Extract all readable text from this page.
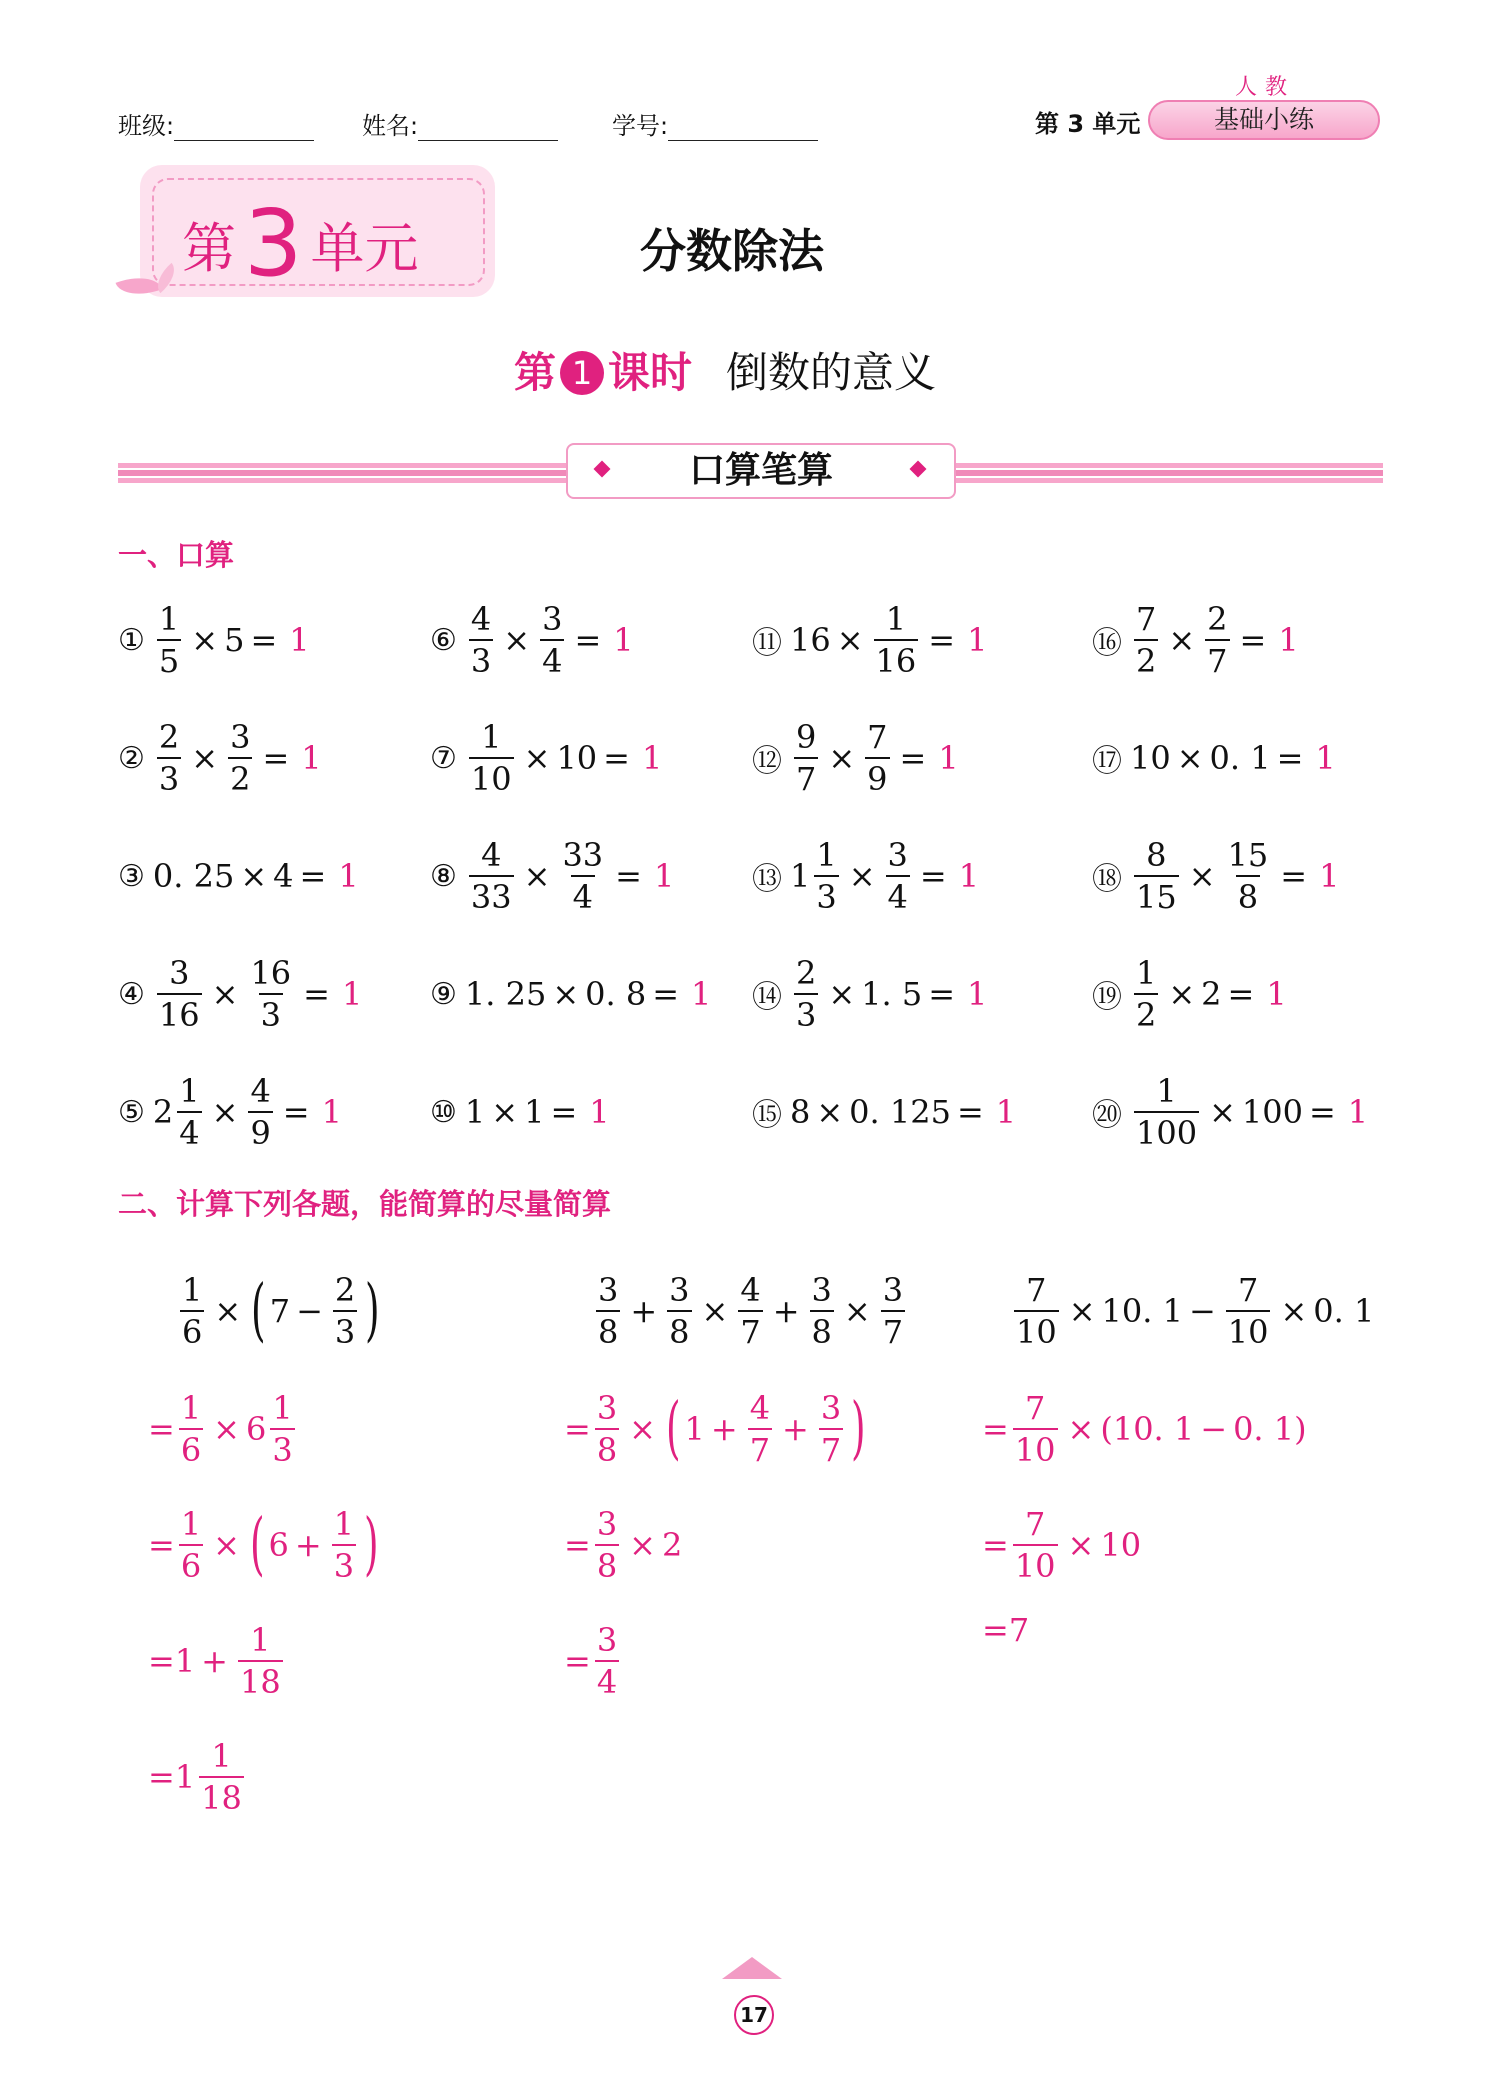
班级:	姓名:	学号:	第 3 单元
人教
基础小练
第3 单元	分数除法
第 1 课时 倒数的意义
口算笔算
一、口算
① $\frac{1}{5} \times 5 = 1$
② $\frac{2}{3} \times \frac{3}{2} = 1$
③ 0. 25 × 4 = 1
④ $\frac{3}{16} \times \frac{16}{3} = 1$
⑤ $2 \frac{1}{4} \times \frac{4}{9} = 1$
⑥ $\frac{4}{3} \times \frac{3}{4} = 1$
⑦ $\frac{1}{10} \times 10 = 1$
⑧ $\frac{4}{33} \times \frac{33}{4} = 1$
⑨ 1. 25 × 0. 8 = 1
⑩ 1 × 1 = 1
⑪ $16 \times \frac{1}{16} = 1$
⑫ $\frac{9}{7} \times \frac{7}{9} = 1$
⑬ $1 \frac{1}{3} \times \frac{3}{4} = 1$
⑭ $\frac{2}{3} \times 1$. 5 = 1
⑮ 8 × 0. 125 = 1
⑯ $\frac{7}{2} \times \frac{2}{7} = 1$
⑰ 10 × 0. 1 = 1
⑱ $\frac{8}{15} \times \frac{15}{8} = 1$
⑲ $\frac{1}{2} \times 2 = 1$
⑳ $\frac{1}{100} \times 100 = 1$
二、计算下列各题，能简算的尽量简算
$\frac{1}{6}$ × ( $7 - \frac{2}{3}$ )
= $\frac{1}{6} \times 6 \frac{1}{3}$
= $\frac{1}{6}$ × ( $6 + \frac{1}{3}$ )
$=1 + \frac{1}{18}$
$=1 \frac{1}{18}$
$\frac{3}{8} + \frac{3}{8} \times \frac{4}{7} + \frac{3}{8} \times \frac{3}{7}$
= $\frac{3}{8}$ × ( $1 + \frac{4}{7} + \frac{3}{7}$ )
= $\frac{3}{8} \times 2$
= $\frac{3}{4}$
$\frac{7}{10} \times 10$. $1 - \frac{7}{10} \times 0$. 1
= $\frac{7}{10} \times (10$. 1 − 0. 1)
= $\frac{7}{10} \times 10$
=7
17
